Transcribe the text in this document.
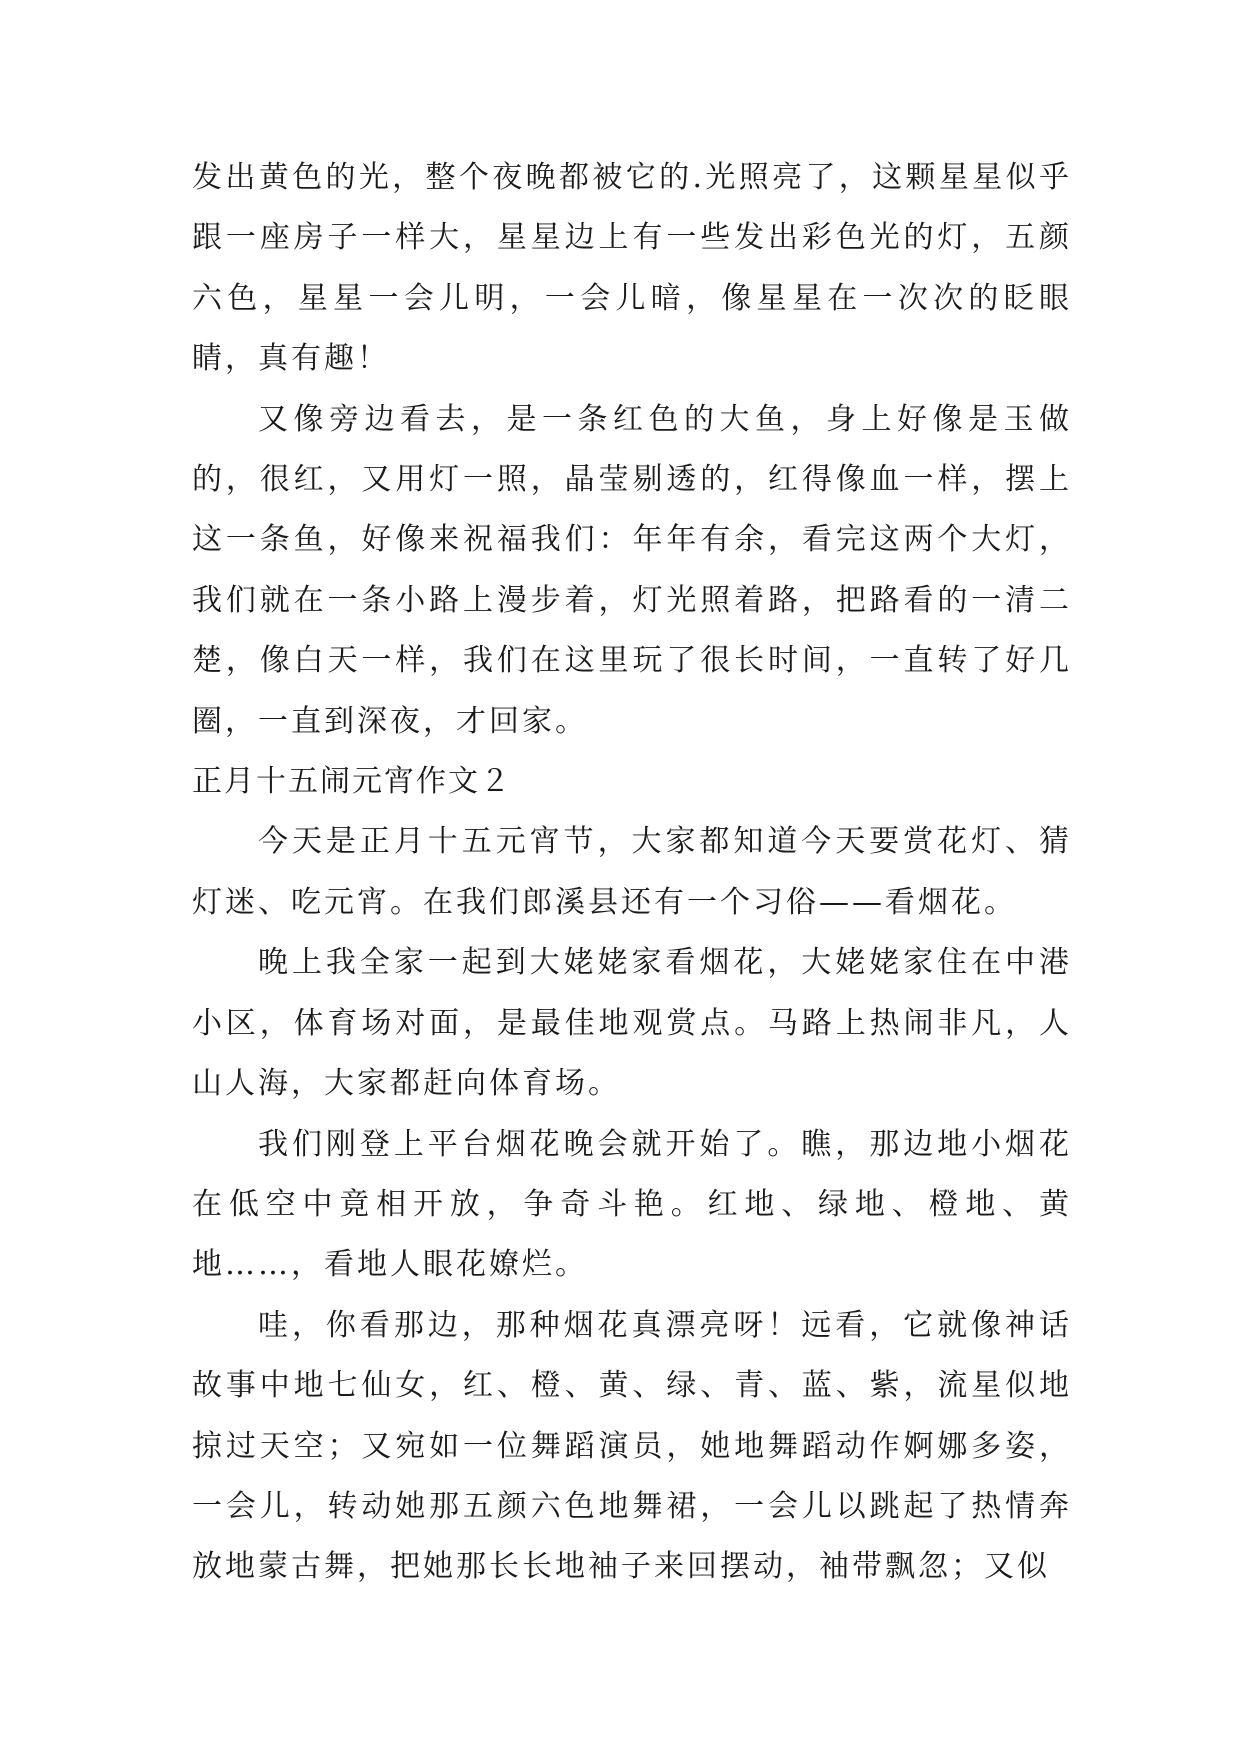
发出黄色的光，整个夜晚都被它的.光照亮了，这颗星星似乎跟一座房子一样大，星星边上有一些发出彩色光的灯，五颜六色，星星一会儿明，一会儿暗，像星星在一次次的眨眼睛，真有趣！

又像旁边看去，是一条红色的大鱼，身上好像是玉做的，很红，又用灯一照，晶莹剔透的，红得像血一样，摆上这一条鱼，好像来祝福我们：年年有余，看完这两个大灯，我们就在一条小路上漫步着，灯光照着路，把路看的一清二楚，像白天一样，我们在这里玩了很长时间，一直转了好几圈，一直到深夜，才回家。

正月十五闹元宵作文２

今天是正月十五元宵节，大家都知道今天要赏花灯、猜灯迷、吃元宵。在我们郎溪县还有一个习俗——看烟花。

晚上我全家一起到大姥姥家看烟花，大姥姥家住在中港小区，体育场对面，是最佳地观赏点。马路上热闹非凡，人山人海，大家都赶向体育场。

我们刚登上平台烟花晚会就开始了。瞧，那边地小烟花在低空中竟相开放，争奇斗艳。红地、绿地、橙地、黄地……，看地人眼花嫽烂。

哇，你看那边，那种烟花真漂亮呀！远看，它就像神话故事中地七仙女，红、橙、黄、绿、青、蓝、紫，流星似地掠过天空；又宛如一位舞蹈演员，她地舞蹈动作婀娜多姿，一会儿，转动她那五颜六色地舞裙，一会儿以跳起了热情奔放地蒙古舞，把她那长长地袖子来回摆动，袖带飘忽；又似
